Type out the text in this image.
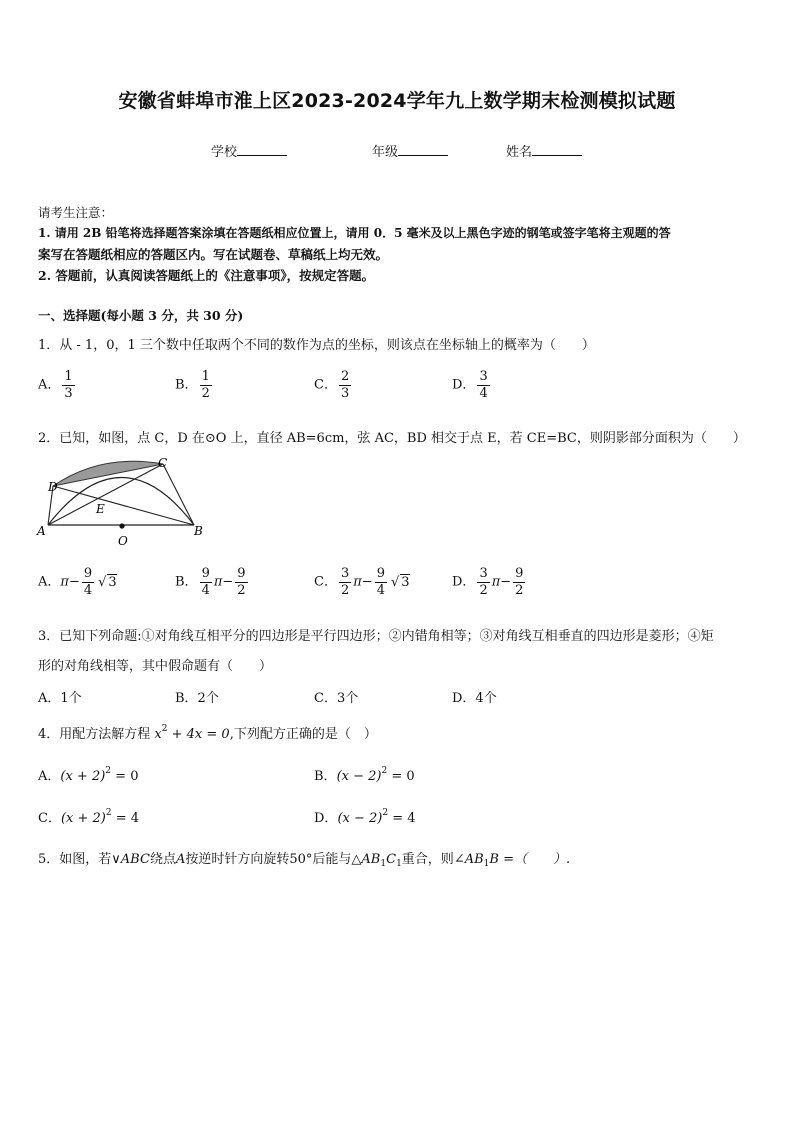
安徽省蚌埠市淮上区2023-2024学年九上数学期末检测模拟试题
学校	年级	姓名
请考生注意：
1. 请用 2B 铅笔将选择题答案涂填在答题纸相应位置上，请用 0．5 毫米及以上黑色字迹的钢笔或签字笔将主观题的答
案写在答题纸相应的答题区内。写在试题卷、草稿纸上均无效。
2. 答题前，认真阅读答题纸上的《注意事项》，按规定答题。
一、选择题(每小题 3 分，共 30 分)
1．从 - 1，0，1 三个数中任取两个不同的数作为点的坐标，则该点在坐标轴上的概率为（　　）
A． $\frac{1}{3}$	B． $\frac{1}{2}$	C． $\frac{2}{3}$	D． $\frac{3}{4}$
2．已知，如图，点 C，D 在⊙O 上，直径 AB=6cm，弦 AC，BD 相交于点 E，若 CE=BC，则阴影部分面积为（　　）
A	B
C
D
E
O
A．$\pi- \frac{9}{4}$ √ 3	B． $\frac{9}{4} \pi- \frac{9}{2}$	C． $\frac{3}{2} \pi- \frac{9}{4}$ √ 3	D． $\frac{3}{2} \pi- \frac{9}{2}$
3．已知下列命题:①对角线互相平分的四边形是平行四边形；②内错角相等；③对角线互相垂直的四边形是菱形；④矩
形的对角线相等，其中假命题有（　　）
A．1个	B．2个	C．3个	D．4个
4．用配方法解方程 $x^2 + 4x = 0$,下列配方正确的是（　）
A．$(x + 2)^2 = 0$	B．$(x - 2)^2 = 0$
C．$(x + 2)^2 = 4$	D．$(x - 2)^2 = 4$
5．如图，若∨ABC绕点A按逆时针方向旋转50°后能与$\triangle AB_1C_1$重合，则$\angle AB_1B$ =（　　）.
